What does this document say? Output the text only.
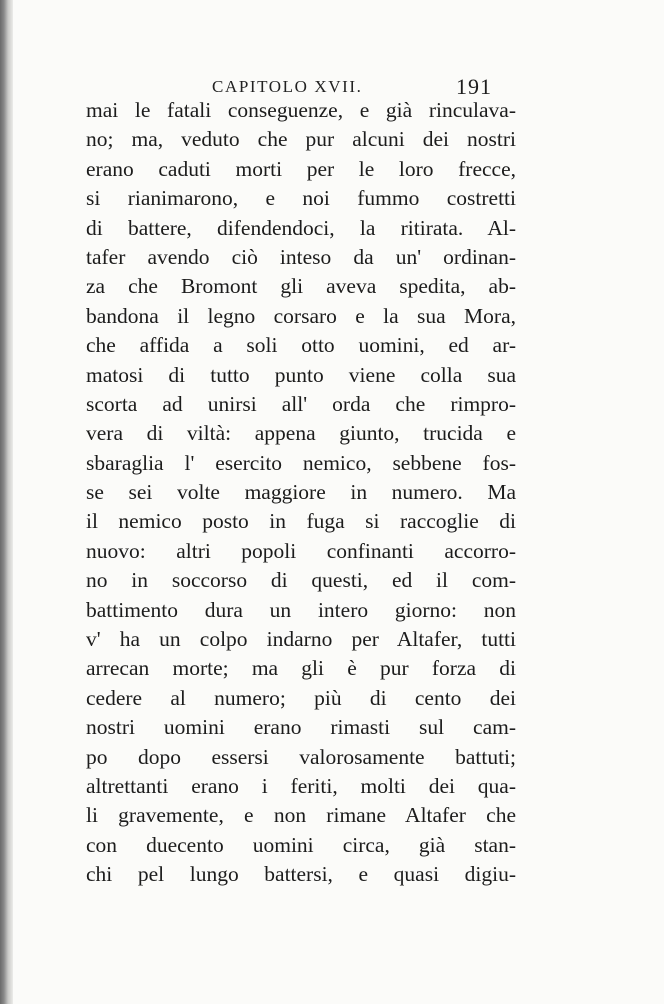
CAPITOLO XVII.	191
mai le fatali conseguenze, e già rinculava-
no; ma, veduto che pur alcuni dei nostri
erano caduti morti per le loro frecce,
si rianimarono, e noi fummo costretti
di battere, difendendoci, la ritirata. Al-
tafer avendo ciò inteso da un' ordinan-
za che Bromont gli aveva spedita, ab-
bandona il legno corsaro e la sua Mora,
che affida a soli otto uomini, ed ar-
matosi di tutto punto viene colla sua
scorta ad unirsi all' orda che rimpro-
vera di viltà: appena giunto, trucida e
sbaraglia l' esercito nemico, sebbene fos-
se sei volte maggiore in numero. Ma
il nemico posto in fuga si raccoglie di
nuovo: altri popoli confinanti accorro-
no in soccorso di questi, ed il com-
battimento dura un intero giorno: non
v' ha un colpo indarno per Altafer, tutti
arrecan morte; ma gli è pur forza di
cedere al numero; più di cento dei
nostri uomini erano rimasti sul cam-
po dopo essersi valorosamente battuti;
altrettanti erano i feriti, molti dei qua-
li gravemente, e non rimane Altafer che
con duecento uomini circa, già stan-
chi pel lungo battersi, e quasi digiu-
